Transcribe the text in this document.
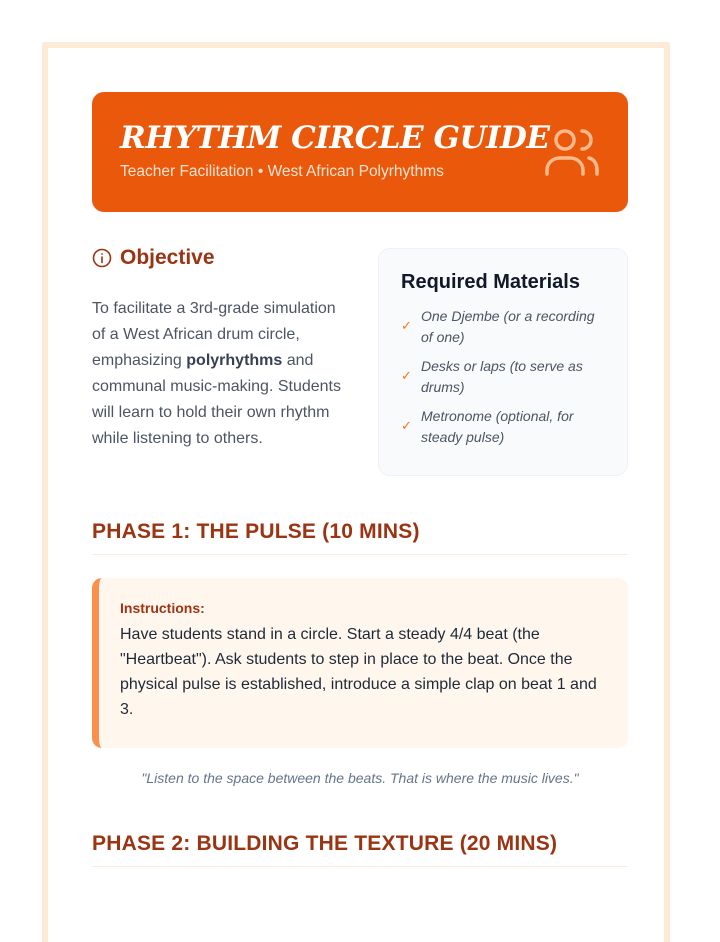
RHYTHM CIRCLE GUIDE
Teacher Facilitation • West African Polyrhythms
Objective
To facilitate a 3rd-grade simulation of a West African drum circle, emphasizing polyrhythms and communal music-making. Students will learn to hold their own rhythm while listening to others.
Required Materials
✓
One Djembe (or a recording of one)
✓
Desks or laps (to serve as drums)
✓
Metronome (optional, for steady pulse)
PHASE 1: THE PULSE (10 MINS)
Instructions:
Have students stand in a circle. Start a steady 4/4 beat (the "Heartbeat"). Ask students to step in place to the beat. Once the physical pulse is established, introduce a simple clap on beat 1 and 3.
"Listen to the space between the beats. That is where the music lives."
PHASE 2: BUILDING THE TEXTURE (20 MINS)
